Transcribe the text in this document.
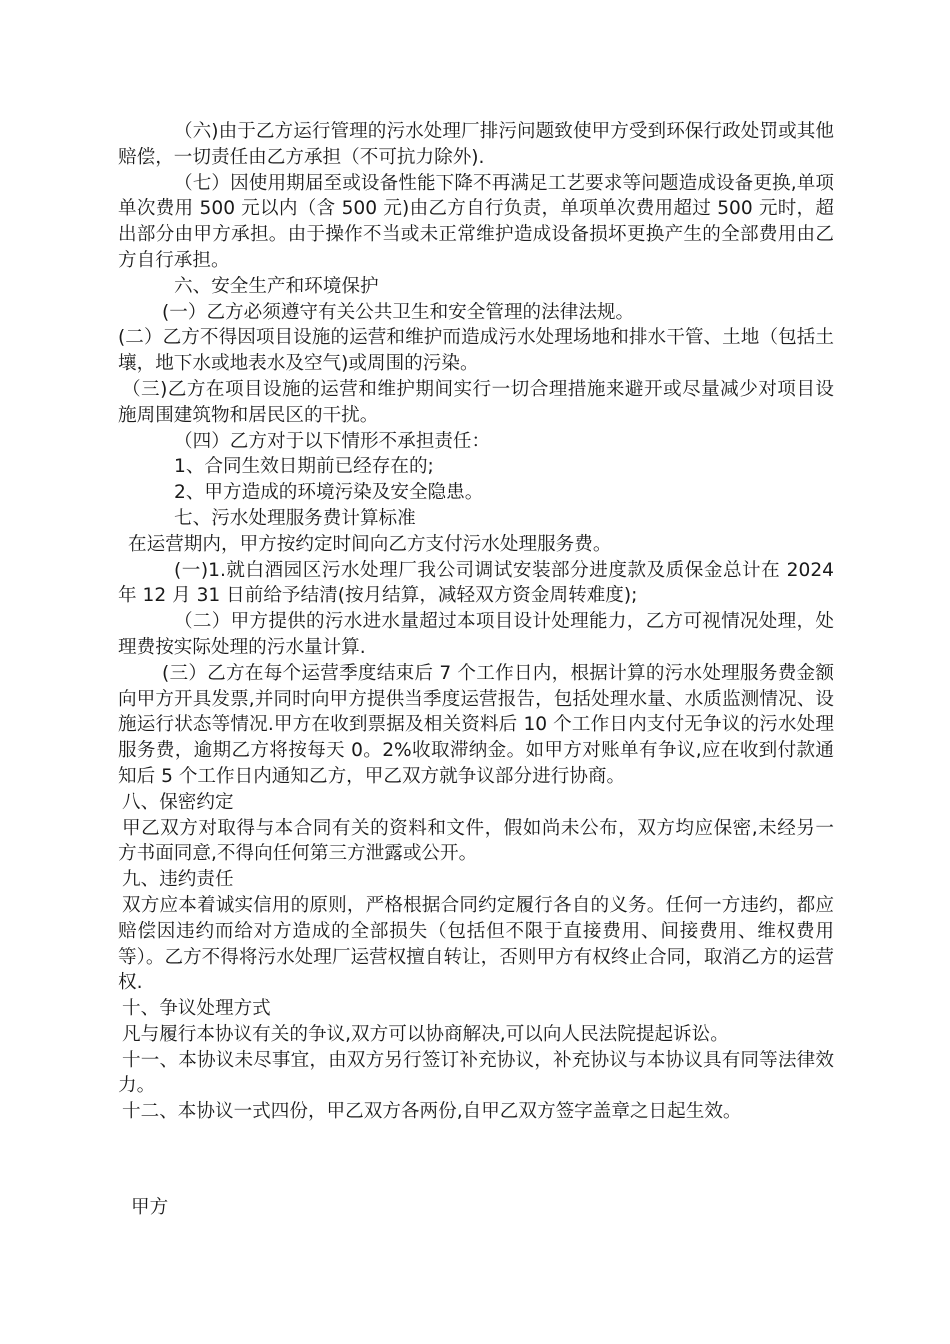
（六)由于乙方运行管理的污水处理厂排污问题致使甲方受到环保行政处罚或其他赔偿，一切责任由乙方承担（不可抗力除外).

（七）因使用期届至或设备性能下降不再满足工艺要求等问题造成设备更换,单项单次费用 500 元以内（含 500 元)由乙方自行负责，单项单次费用超过 500 元时，超出部分由甲方承担。由于操作不当或未正常维护造成设备损坏更换产生的全部费用由乙方自行承担。

六、安全生产和环境保护

(一）乙方必须遵守有关公共卫生和安全管理的法律法规。

(二）乙方不得因项目设施的运营和维护而造成污水处理场地和排水干管、土地（包括土壤，地下水或地表水及空气)或周围的污染。

（三)乙方在项目设施的运营和维护期间实行一切合理措施来避开或尽量减少对项目设施周围建筑物和居民区的干扰。

（四）乙方对于以下情形不承担责任：

1、合同生效日期前已经存在的;

2、甲方造成的环境污染及安全隐患。

七、污水处理服务费计算标准

在运营期内，甲方按约定时间向乙方支付污水处理服务费。

(一)1.就白酒园区污水处理厂我公司调试安装部分进度款及质保金总计在 2024 年 12 月 31 日前给予结清(按月结算，减轻双方资金周转难度);

（二）甲方提供的污水进水量超过本项目设计处理能力，乙方可视情况处理，处理费按实际处理的污水量计算.

(三）乙方在每个运营季度结束后 7 个工作日内，根据计算的污水处理服务费金额向甲方开具发票,并同时向甲方提供当季度运营报告，包括处理水量、水质监测情况、设施运行状态等情况.甲方在收到票据及相关资料后 10 个工作日内支付无争议的污水处理服务费，逾期乙方将按每天 0。2%收取滞纳金。如甲方对账单有争议,应在收到付款通知后 5 个工作日内通知乙方，甲乙双方就争议部分进行协商。

八、保密约定

甲乙双方对取得与本合同有关的资料和文件，假如尚未公布，双方均应保密,未经另一方书面同意,不得向任何第三方泄露或公开。

九、违约责任

双方应本着诚实信用的原则，严格根据合同约定履行各自的义务。任何一方违约，都应赔偿因违约而给对方造成的全部损失（包括但不限于直接费用、间接费用、维权费用等）。乙方不得将污水处理厂运营权擅自转让，否则甲方有权终止合同，取消乙方的运营权.

十、争议处理方式

凡与履行本协议有关的争议,双方可以协商解决,可以向人民法院提起诉讼。

十一、本协议未尽事宜，由双方另行签订补充协议，补充协议与本协议具有同等法律效力。

十二、本协议一式四份，甲乙双方各两份,自甲乙双方签字盖章之日起生效。

甲方
